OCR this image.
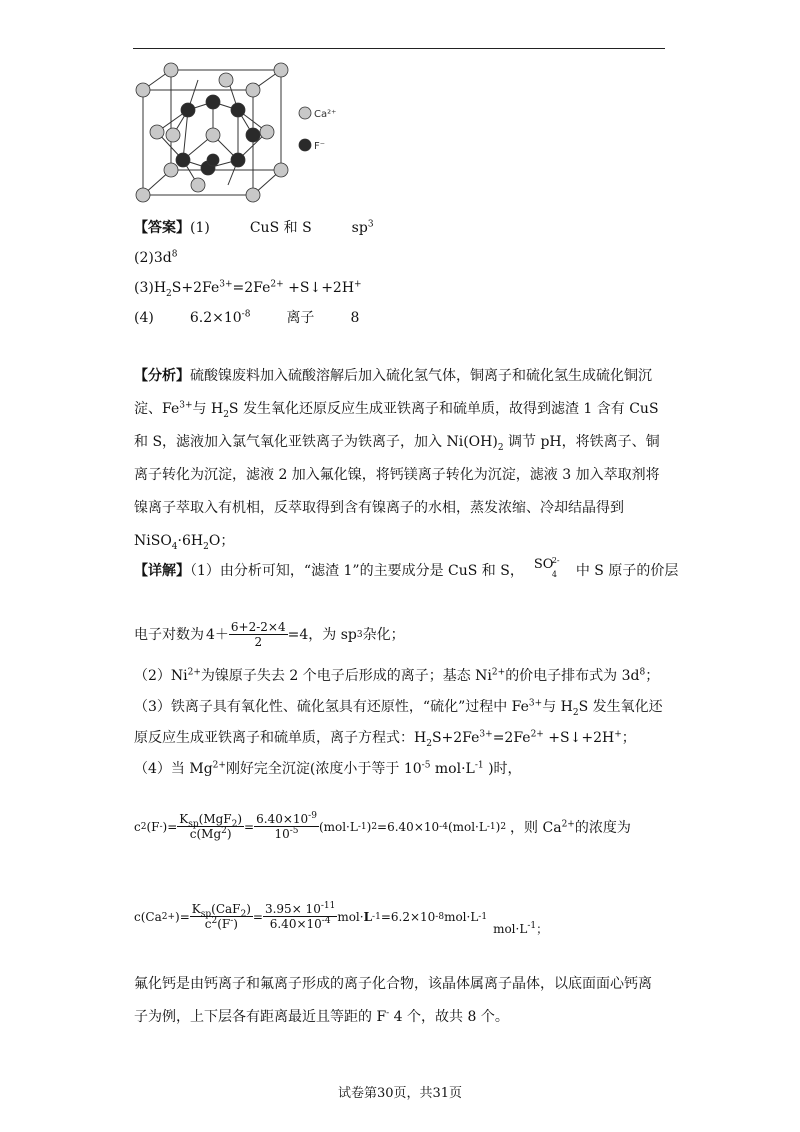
Ca²⁺
F⁻
【答案】(1)	CuS 和 S	$sp^3$
$(2)3d^8$
$(3)H_2S+2Fe^{3+}=2Fe^{2+}$ +S↓+2H+
(4)	$6.2\times 10^{-8}$	离子	8
【分析】硫酸镍废料加入硫酸溶解后加入硫化氢气体，铜离子和硫化氢生成硫化铜沉淀、$Fe^{3+}$与 $H_2S$ 发生氧化还原反应生成亚铁离子和硫单质，故得到滤渣 1 含有 CuS 和 S，滤液加入氯气氧化亚铁离子为铁离子，加入 $Ni(OH)_2$ 调节 pH，将铁离子、铜离子转化为沉淀，滤液 2 加入氟化镍，将钙镁离子转化为沉淀，滤液 3 加入萃取剂将镍离子萃取入有机相，反萃取得到含有镍离子的水相，蒸发浓缩、冷却结晶得到 $NiSO_4\cdot 6H_2O$；
【详解】（1）由分析可知，“滤渣 1”的主要成分是 CuS 和 S， SO
2-
4 中 S 原子的价层
电子对数为 $4+ \frac{6+2-2\times 4}{2} =4$，为 sp 3 杂化；
$(2)Ni^{2+}$为镍原子失去 2 个电子后形成的离子；基态 $Ni^{2+}$的价电子排布式为 $3d^8$；
（3）铁离子具有氧化性、硫化氢具有还原性，“硫化”过程中 $Fe^{3+}$与 $H_2S$ 发生氧化还
原反应生成亚铁离子和硫单质，离子方程式：$H_2S+2Fe^{3+}=2Fe^{2+}$ +S↓+2H+；
（4）当 $Mg^{2+}$刚好完全沉淀(浓度小于等于 $10^{-5}$ $mol\cdot L^{-1}$ )时，
c 2 (F - )= $\frac{K_{sp}(MgF_2)}{c(Mg^2)} = \frac{6.40\times 10^{-9}}{10^{-5}} (mol\cdot L$ -1 ) 2 =6.40×10 -4 (mol·L -1 ) 2 ，则 $Ca^{2+}$的浓度为
c(Ca 2+ )= $\frac{K_{sp}(CaF_2)}{c^2(F^-)} = \frac{3.95\times 10^{-11}}{6.40\times 10^{-4}} mol\cdot L$ -1 =6.2×10 -8 mol·L -1
$mol\cdot L^{-1}$；
氟化钙是由钙离子和氟离子形成的离子化合物，该晶体属离子晶体，以底面面心钙离子为例，上下层各有距离最近且等距的 F- 4 个，故共 8 个。
试卷第30页，共31页
